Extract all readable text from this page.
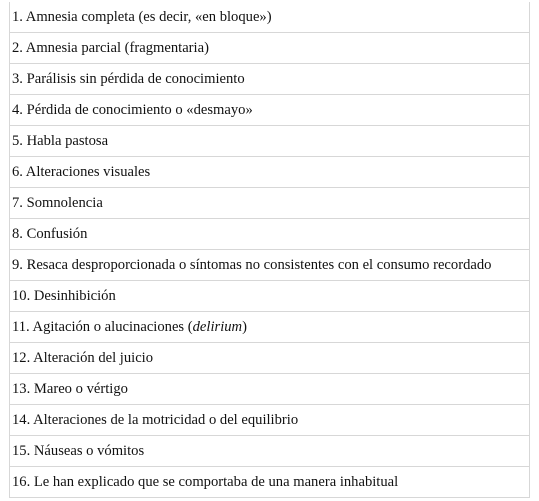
1. Amnesia completa (es decir, «en bloque»)
2. Amnesia parcial (fragmentaria)
3. Parálisis sin pérdida de conocimiento
4. Pérdida de conocimiento o «desmayo»
5. Habla pastosa
6. Alteraciones visuales
7. Somnolencia
8. Confusión
9. Resaca desproporcionada o síntomas no consistentes con el consumo recordado
10. Desinhibición
11. Agitación o alucinaciones (delirium)
12. Alteración del juicio
13. Mareo o vértigo
14. Alteraciones de la motricidad o del equilibrio
15. Náuseas o vómitos
16. Le han explicado que se comportaba de una manera inhabitual
